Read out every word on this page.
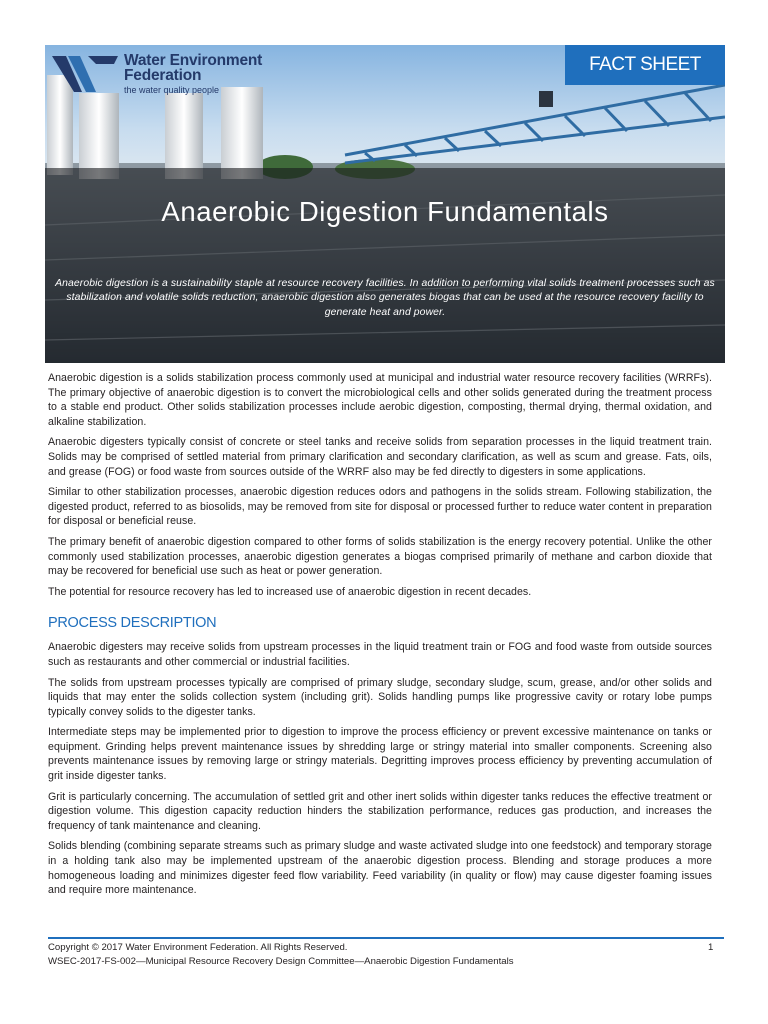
Anaerobic Digestion Fundamentals

Anaerobic digestion is a sustainability staple at resource recovery facilities. In addition to performing vital solids treatment processes such as stabilization and volatile solids reduction, anaerobic digestion also generates biogas that can be used at the resource recovery facility to generate heat and power.

FACT SHEET
Water Environment
Federation
the water quality people

Anaerobic digestion is a solids stabilization process commonly used at municipal and industrial water resource recovery facilities (WRRFs). The primary objective of anaerobic digestion is to convert the microbiological cells and other solids generated during the treatment process to a stable end product. Other solids stabilization processes include aerobic digestion, composting, thermal drying, thermal oxidation, and alkaline stabilization.

Anaerobic digesters typically consist of concrete or steel tanks and receive solids from separation processes in the liquid treatment train. Solids may be comprised of settled material from primary clarification and secondary clarification, as well as scum and grease. Fats, oils, and grease (FOG) or food waste from sources outside of the WRRF also may be fed directly to digesters in some applications.

Similar to other stabilization processes, anaerobic digestion reduces odors and pathogens in the solids stream. Following stabilization, the digested product, referred to as biosolids, may be removed from site for disposal or processed further to reduce water content in preparation for disposal or beneficial reuse.

The primary benefit of anaerobic digestion compared to other forms of solids stabilization is the energy recovery potential. Unlike the other commonly used stabilization processes, anaerobic digestion generates a biogas comprised primarily of methane and carbon dioxide that may be recovered for beneficial use such as heat or power generation.

The potential for resource recovery has led to increased use of anaerobic digestion in recent decades.

PROCESS DESCRIPTION

Anaerobic digesters may receive solids from upstream processes in the liquid treatment train or FOG and food waste from outside sources such as restaurants and other commercial or industrial facilities.

The solids from upstream processes typically are comprised of primary sludge, secondary sludge, scum, grease, and/or other solids and liquids that may enter the solids collection system (including grit). Solids handling pumps like progressive cavity or rotary lobe pumps typically convey solids to the digester tanks.

Intermediate steps may be implemented prior to digestion to improve the process efficiency or prevent excessive maintenance on tanks or equipment. Grinding helps prevent maintenance issues by shredding large or stringy material into smaller components. Screening also prevents maintenance issues by removing large or stringy materials. Degritting improves process efficiency by preventing accumulation of grit inside digester tanks.

Grit is particularly concerning. The accumulation of settled grit and other inert solids within digester tanks reduces the effective treatment or digestion volume. This digestion capacity reduction hinders the stabilization performance, reduces gas production, and increases the frequency of tank maintenance and cleaning.

Solids blending (combining separate streams such as primary sludge and waste activated sludge into one feedstock) and temporary storage in a holding tank also may be implemented upstream of the anaerobic digestion process. Blending and storage produces a more homogeneous loading and minimizes digester feed flow variability. Feed variability (in quality or flow) may cause digester foaming issues and require more maintenance.

Copyright © 2017 Water Environment Federation. All Rights Reserved.
WSEC-2017-FS-002—Municipal Resource Recovery Design Committee—Anaerobic Digestion Fundamentals
1
